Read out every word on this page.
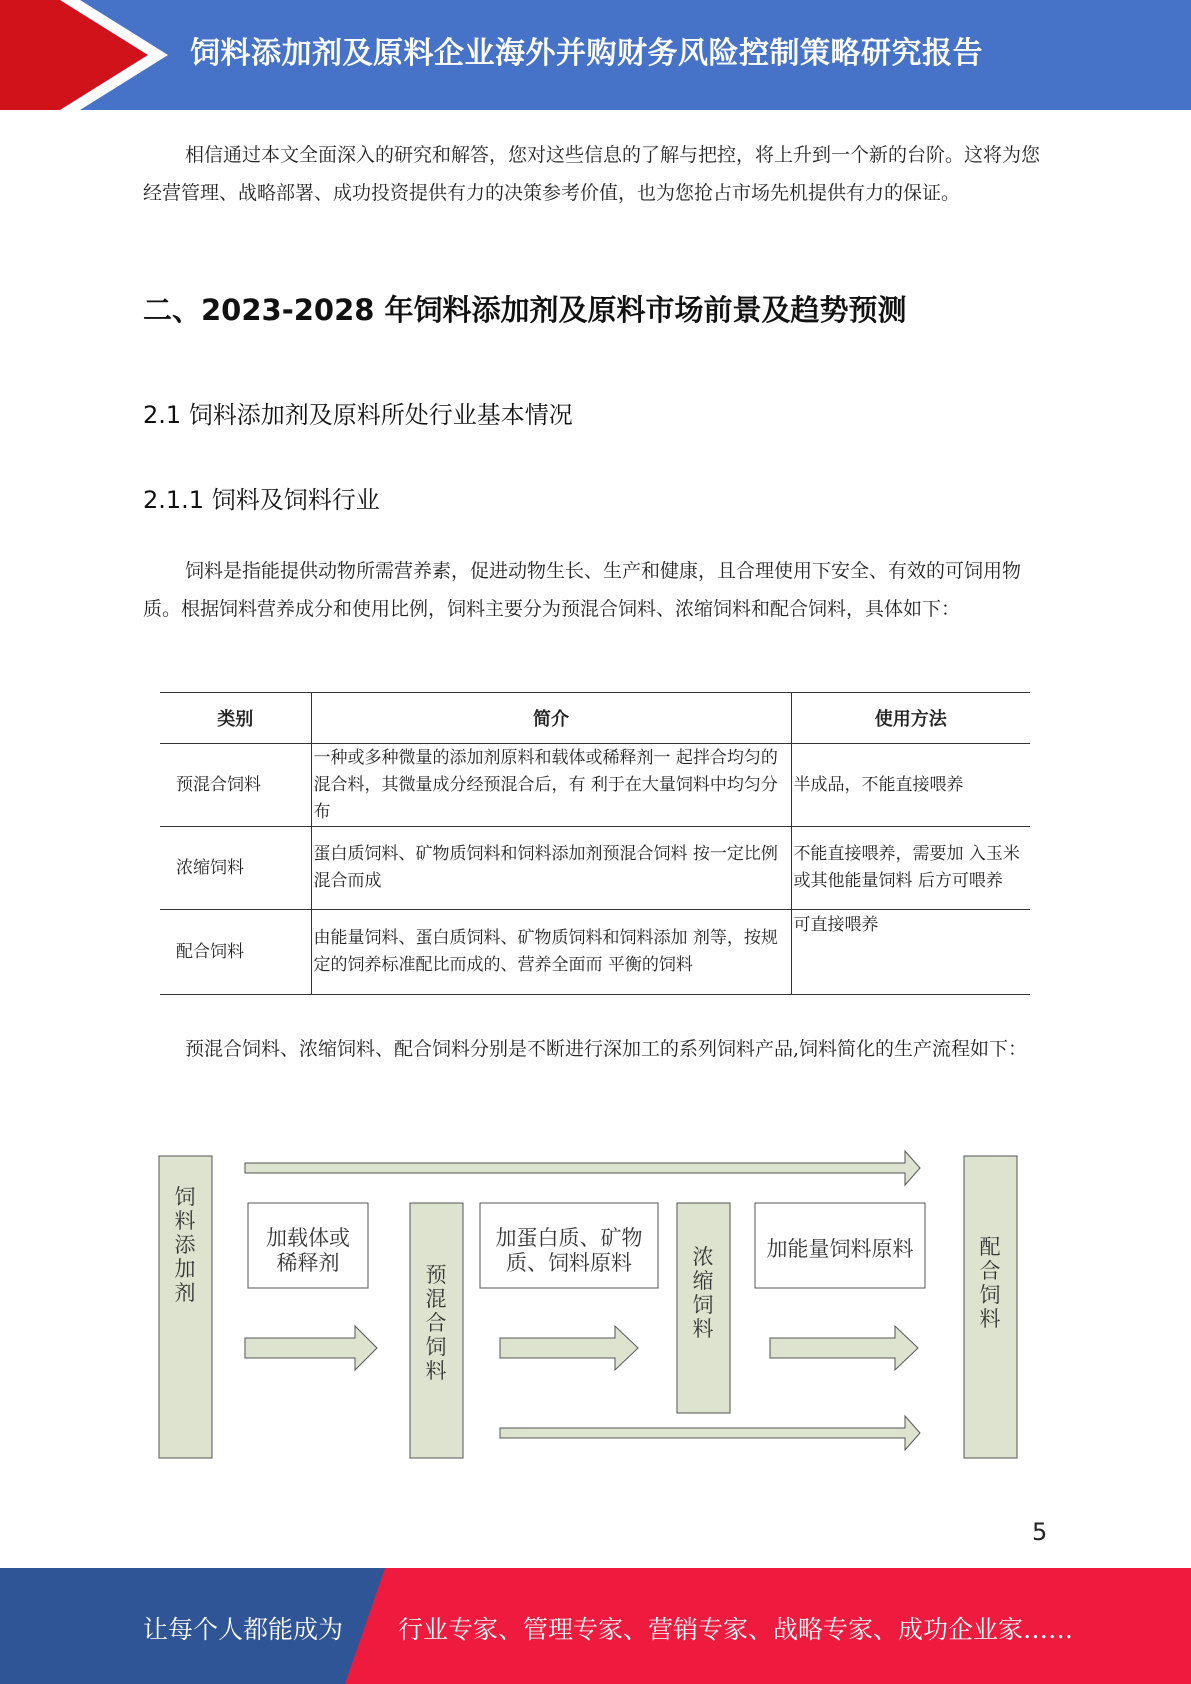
饲料添加剂及原料企业海外并购财务风险控制策略研究报告

相信通过本文全面深入的研究和解答，您对这些信息的了解与把控，将上升到一个新的台阶。这将为您经营管理、战略部署、成功投资提供有力的决策参考价值，也为您抢占市场先机提供有力的保证。

二、2023-2028 年饲料添加剂及原料市场前景及趋势预测
2.1 饲料添加剂及原料所处行业基本情况
2.1.1 饲料及饲料行业

饲料是指能提供动物所需营养素，促进动物生长、生产和健康，且合理使用下安全、有效的可饲用物质。根据饲料营养成分和使用比例，饲料主要分为预混合饲料、浓缩饲料和配合饲料，具体如下：

类别	简介	使用方法
预混合饲料	一种或多种微量的添加剂原料和载体或稀释剂一 起拌合均匀的混合料，其微量成分经预混合后，有 利于在大量饲料中均匀分布	半成品，不能直接喂养
浓缩饲料	蛋白质饲料、矿物质饲料和饲料添加剂预混合饲料 按一定比例混合而成	不能直接喂养，需要加 入玉米或其他能量饲料 后方可喂养
配合饲料	由能量饲料、蛋白质饲料、矿物质饲料和饲料添加 剂等，按规定的饲养标准配比而成的、营养全面而 平衡的饲料	可直接喂养

预混合饲料、浓缩饲料、配合饲料分别是不断进行深加工的系列饲料产品,饲料简化的生产流程如下：

饲料添加剂
预混合饲料
浓缩饲料
配合饲料
加载体或稀释剂
加蛋白质、矿物质、饲料原料
加能量饲料原料
5
让每个人都能成为 行业专家、管理专家、营销专家、战略专家、成功企业家……
